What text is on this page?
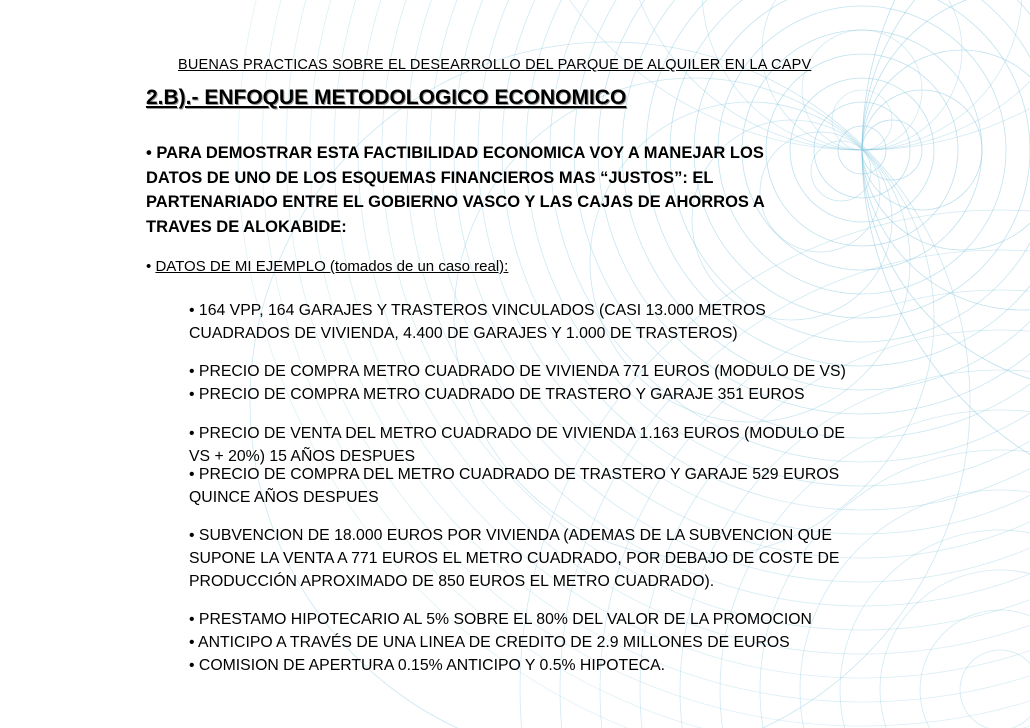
BUENAS PRACTICAS SOBRE EL DESEARROLLO DEL PARQUE DE ALQUILER EN LA CAPV
2.B).- ENFOQUE METODOLOGICO ECONOMICO
• PARA DEMOSTRAR ESTA FACTIBILIDAD ECONOMICA VOY A MANEJAR LOS
DATOS DE UNO DE LOS ESQUEMAS FINANCIEROS MAS “JUSTOS”: EL
PARTENARIADO ENTRE EL GOBIERNO VASCO Y LAS CAJAS DE AHORROS A
TRAVES DE ALOKABIDE:
• DATOS DE MI EJEMPLO (tomados de un caso real):
• 164 VPP, 164 GARAJES Y TRASTEROS VINCULADOS (CASI 13.000 METROS
CUADRADOS DE VIVIENDA, 4.400 DE GARAJES Y 1.000 DE TRASTEROS)
• PRECIO DE COMPRA METRO CUADRADO DE VIVIENDA 771 EUROS (MODULO DE VS)
• PRECIO DE COMPRA METRO CUADRADO DE TRASTERO Y GARAJE 351 EUROS
• PRECIO DE VENTA DEL METRO CUADRADO DE VIVIENDA 1.163 EUROS (MODULO DE
VS + 20%) 15 AÑOS DESPUES
• PRECIO DE COMPRA DEL METRO CUADRADO DE TRASTERO Y GARAJE 529 EUROS
QUINCE AÑOS DESPUES
• SUBVENCION DE 18.000 EUROS POR VIVIENDA (ADEMAS DE LA SUBVENCION QUE
SUPONE LA VENTA A 771 EUROS EL METRO CUADRADO, POR DEBAJO DE COSTE DE
PRODUCCIÓN APROXIMADO DE 850 EUROS EL METRO CUADRADO).
• PRESTAMO HIPOTECARIO AL 5% SOBRE EL 80% DEL VALOR DE LA PROMOCION
• ANTICIPO A TRAVÉS DE UNA LINEA DE CREDITO DE 2.9 MILLONES DE EUROS
• COMISION DE APERTURA 0.15% ANTICIPO Y 0.5% HIPOTECA.
